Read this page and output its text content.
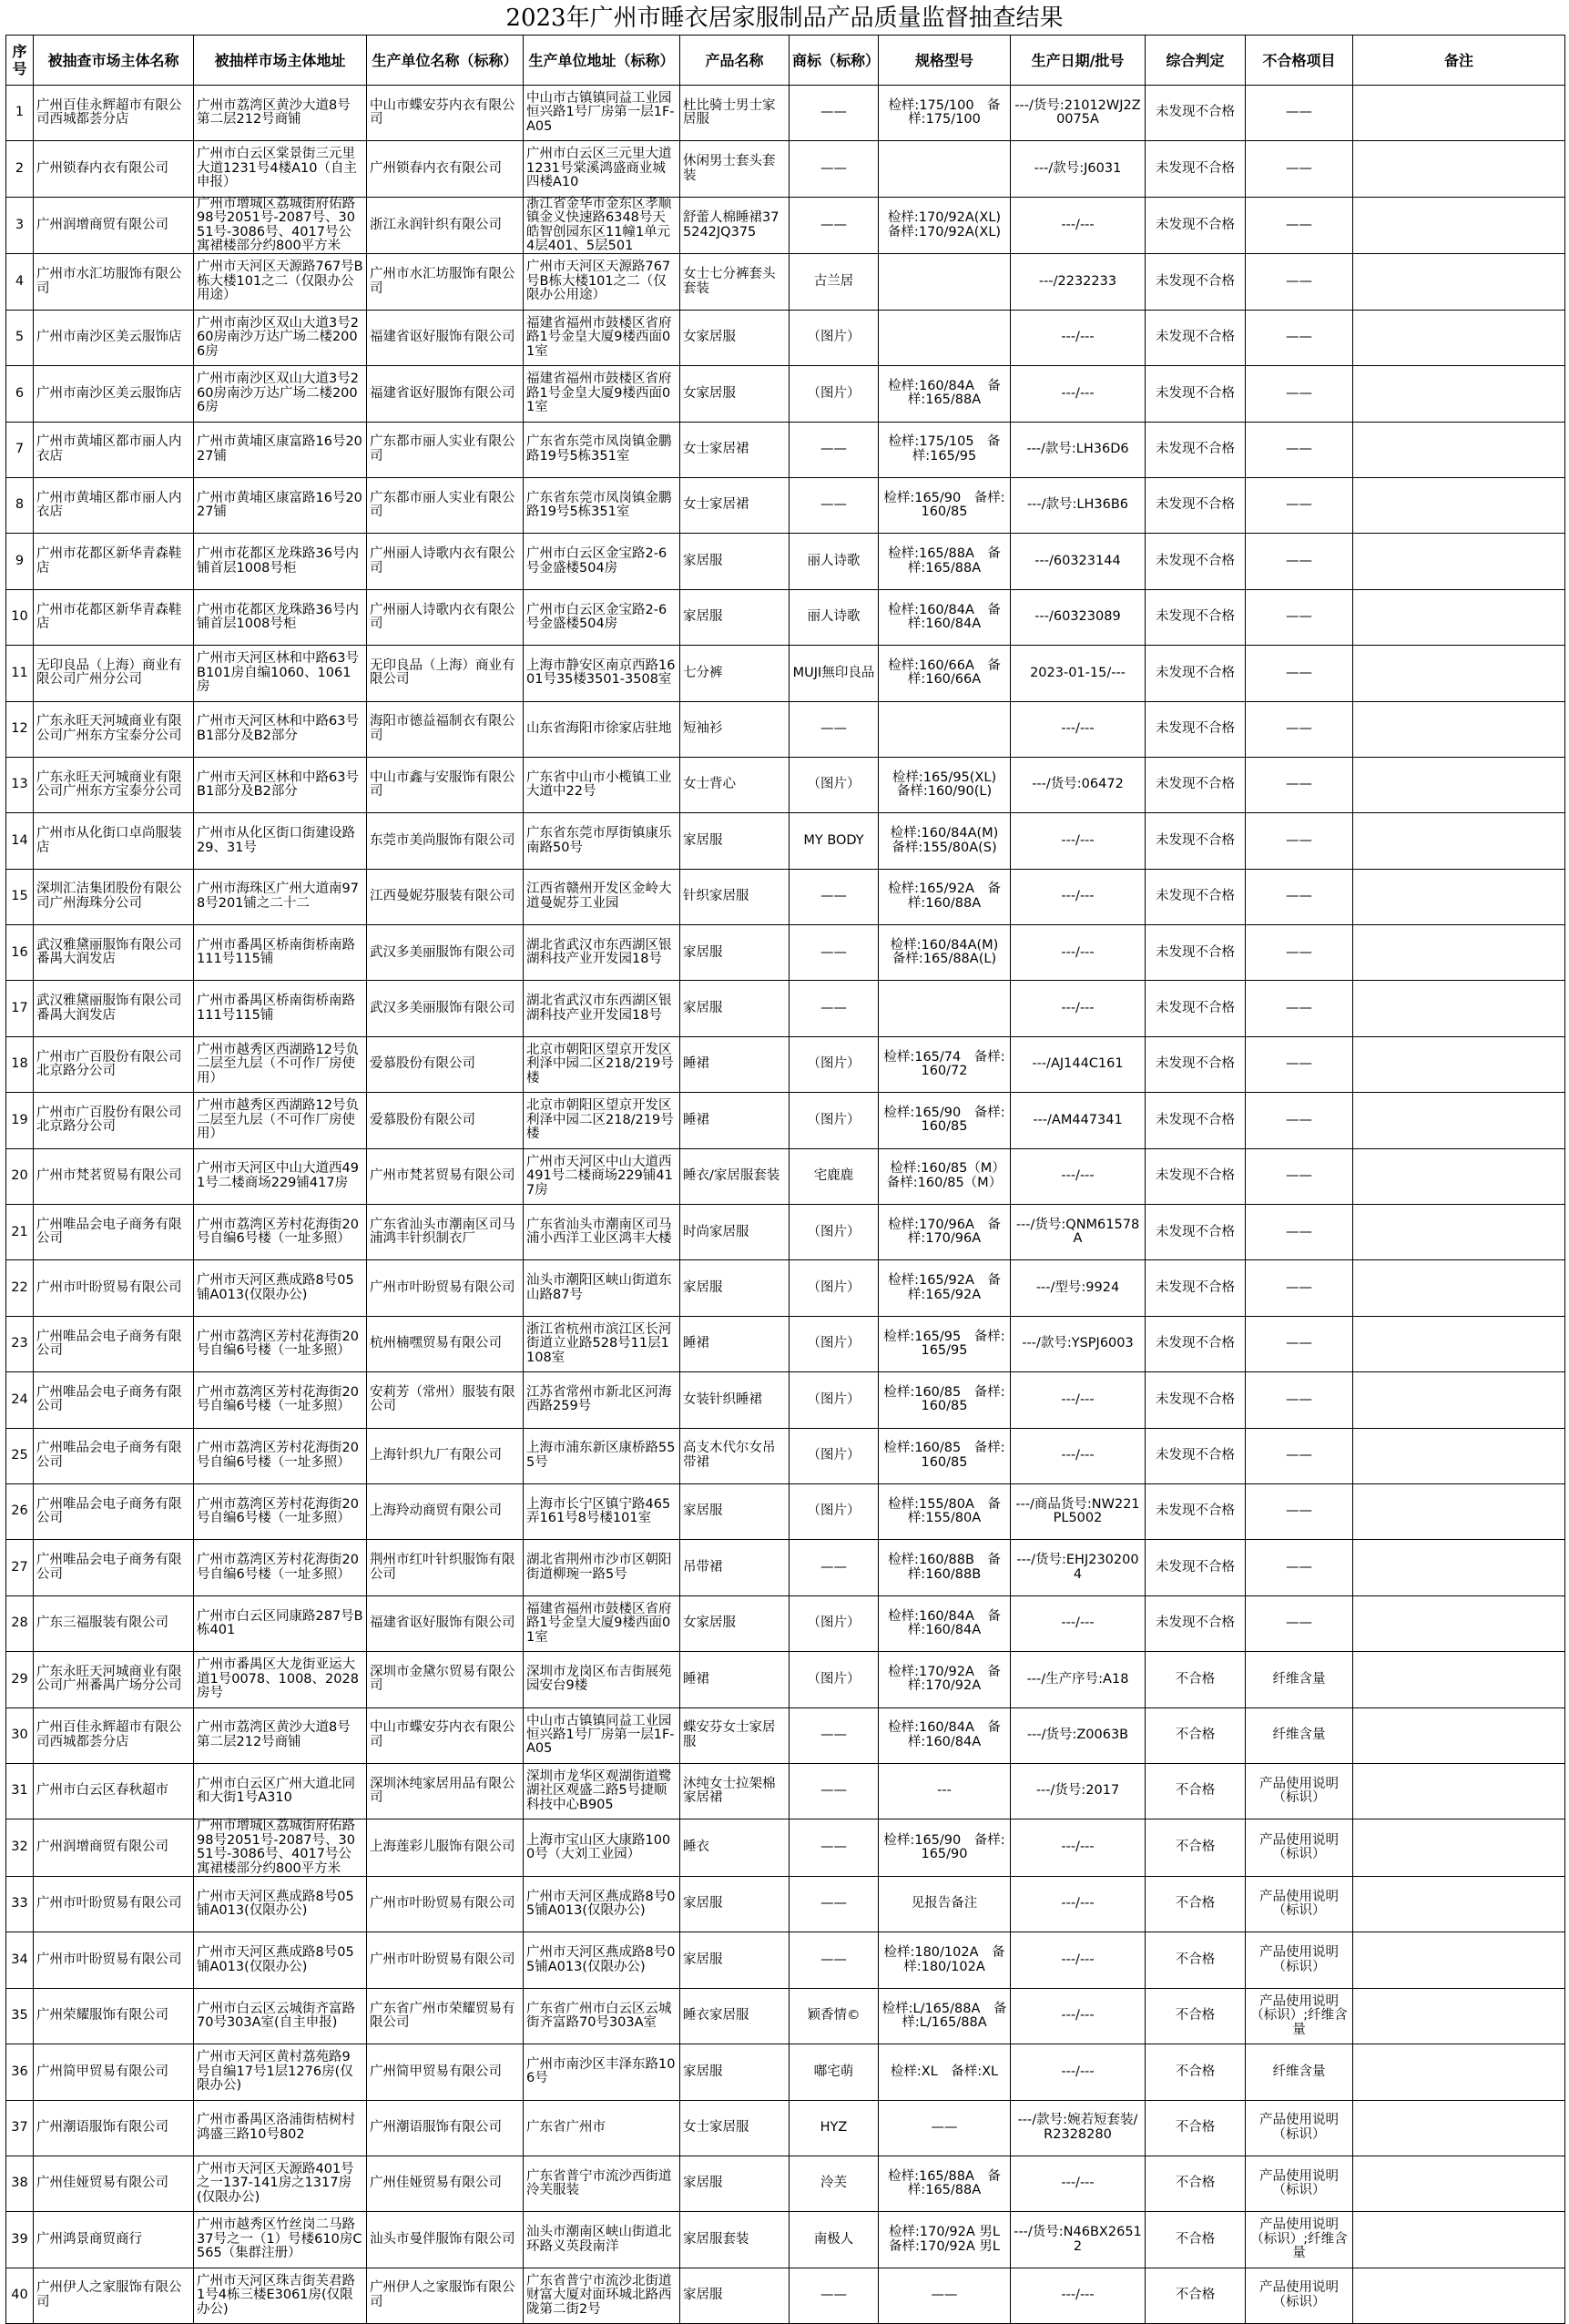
2023年广州市睡衣居家服制品产品质量监督抽查结果
序号	被抽查市场主体名称	被抽样市场主体地址	生产单位名称（标称）	生产单位地址（标称）	产品名称	商标（标称）	规格型号	生产日期/批号	综合判定	不合格项目	备注
1	广州百佳永辉超市有限公司西城都荟分店	广州市荔湾区黄沙大道8号第二层212号商铺	中山市蝶安芬内衣有限公司	中山市古镇镇同益工业园恒兴路1号厂房第一层1F-A05	杜比骑士男士家居服	——	检样:175/100　备样:175/100	---/货号:21012WJ2Z0075A	未发现不合格	——	
2	广州锁春内衣有限公司	广州市白云区棠景街三元里大道1231号4楼A10（自主申报）	广州锁春内衣有限公司	广州市白云区三元里大道1231号棠溪鸿盛商业城四楼A10	休闲男士套头套装	——		---/款号:J6031	未发现不合格	——	
3	广州润增商贸有限公司	广州市增城区荔城街府佑路98号2051号-2087号、3051号-3086号、4017号公寓裙楼部分约800平方米	浙江永润针织有限公司	浙江省金华市金东区孝顺镇金义快速路6348号天皓智创园东区11幢1单元4层401、5层501	舒蕾人棉睡裙375242JQ375	——	检样:170/92A(XL)　备样:170/92A(XL)	---/---	未发现不合格	——	
4	广州市水汇坊服饰有限公司	广州市天河区天源路767号B栋大楼101之二（仅限办公用途）	广州市水汇坊服饰有限公司	广州市天河区天源路767号B栋大楼101之二（仅限办公用途）	女士七分裤套头套装	古兰居		---/2232233	未发现不合格	——	
5	广州市南沙区美云服饰店	广州市南沙区双山大道3号260房南沙万达广场二楼2006房	福建省讴好服饰有限公司	福建省福州市鼓楼区省府路1号金皇大厦9楼西面01室	女家居服	（图片）		---/---	未发现不合格	——	
6	广州市南沙区美云服饰店	广州市南沙区双山大道3号260房南沙万达广场二楼2006房	福建省讴好服饰有限公司	福建省福州市鼓楼区省府路1号金皇大厦9楼西面01室	女家居服	（图片）	检样:160/84A　备样:165/88A	---/---	未发现不合格	——	
7	广州市黄埔区都市丽人内衣店	广州市黄埔区康富路16号2027铺	广东都市丽人实业有限公司	广东省东莞市凤岗镇金鹏路19号5栋351室	女士家居裙	——	检样:175/105　备样:165/95	---/款号:LH36D6	未发现不合格	——	
8	广州市黄埔区都市丽人内衣店	广州市黄埔区康富路16号2027铺	广东都市丽人实业有限公司	广东省东莞市凤岗镇金鹏路19号5栋351室	女士家居裙	——	检样:165/90　备样:160/85	---/款号:LH36B6	未发现不合格	——	
9	广州市花都区新华青森鞋店	广州市花都区龙珠路36号内铺首层1008号柜	广州丽人诗歌内衣有限公司	广州市白云区金宝路2-6号金盛楼504房	家居服	丽人诗歌	检样:165/88A　备样:165/88A	---/60323144	未发现不合格	——	
10	广州市花都区新华青森鞋店	广州市花都区龙珠路36号内铺首层1008号柜	广州丽人诗歌内衣有限公司	广州市白云区金宝路2-6号金盛楼504房	家居服	丽人诗歌	检样:160/84A　备样:160/84A	---/60323089	未发现不合格	——	
11	无印良品（上海）商业有限公司广州分公司	广州市天河区林和中路63号B101房自编1060、1061房	无印良品（上海）商业有限公司	上海市静安区南京西路1601号35楼3501-3508室	七分裤	MUJI無印良品	检样:160/66A　备样:160/66A	2023-01-15/---	未发现不合格	——	
12	广东永旺天河城商业有限公司广州东方宝泰分公司	广州市天河区林和中路63号B1部分及B2部分	海阳市德益福制衣有限公司	山东省海阳市徐家店驻地	短袖衫	——		---/---	未发现不合格	——	
13	广东永旺天河城商业有限公司广州东方宝泰分公司	广州市天河区林和中路63号B1部分及B2部分	中山市鑫与安服饰有限公司	广东省中山市小榄镇工业大道中22号	女士背心	（图片）	检样:165/95(XL)　备样:160/90(L)	---/货号:06472	未发现不合格	——	
14	广州市从化街口卓尚服装店	广州市从化区街口街建设路29、31号	东莞市美尚服饰有限公司	广东省东莞市厚街镇康乐南路50号	家居服	MY BODY	检样:160/84A(M)　备样:155/80A(S)	---/---	未发现不合格	——	
15	深圳汇洁集团股份有限公司广州海珠分公司	广州市海珠区广州大道南978号201铺之二十二	江西曼妮芬服装有限公司	江西省赣州开发区金岭大道曼妮芬工业园	针织家居服	——	检样:165/92A　备样:160/88A	---/---	未发现不合格	——	
16	武汉雅黛丽服饰有限公司番禺大润发店	广州市番禺区桥南街桥南路111号115铺	武汉多美丽服饰有限公司	湖北省武汉市东西湖区银湖科技产业开发园18号	家居服	——	检样:160/84A(M)　备样:165/88A(L)	---/---	未发现不合格	——	
17	武汉雅黛丽服饰有限公司番禺大润发店	广州市番禺区桥南街桥南路111号115铺	武汉多美丽服饰有限公司	湖北省武汉市东西湖区银湖科技产业开发园18号	家居服	——		---/---	未发现不合格	——	
18	广州市广百股份有限公司北京路分公司	广州市越秀区西湖路12号负二层至九层（不可作厂房使用）	爱慕股份有限公司	北京市朝阳区望京开发区利泽中园二区218/219号楼	睡裙	（图片）	检样:165/74　备样:160/72	---/AJ144C161	未发现不合格	——	
19	广州市广百股份有限公司北京路分公司	广州市越秀区西湖路12号负二层至九层（不可作厂房使用）	爱慕股份有限公司	北京市朝阳区望京开发区利泽中园二区218/219号楼	睡裙	（图片）	检样:165/90　备样:160/85	---/AM447341	未发现不合格	——	
20	广州市梵茗贸易有限公司	广州市天河区中山大道西491号二楼商场229铺417房	广州市梵茗贸易有限公司	广州市天河区中山大道西491号二楼商场229铺417房	睡衣/家居服套装	宅鹿鹿	检样:160/85（M）　备样:160/85（M）	---/---	未发现不合格	——	
21	广州唯品会电子商务有限公司	广州市荔湾区芳村花海街20号自编6号楼（一址多照）	广东省汕头市潮南区司马浦鸿丰针织制衣厂	广东省汕头市潮南区司马浦小西洋工业区鸿丰大楼	时尚家居服	（图片）	检样:170/96A　备样:170/96A	---/货号:QNM61578A	未发现不合格	——	
22	广州市叶盼贸易有限公司	广州市天河区燕成路8号05铺A013(仅限办公)	广州市叶盼贸易有限公司	汕头市潮阳区峡山街道东山路87号	家居服	（图片）	检样:165/92A　备样:165/92A	---/型号:9924	未发现不合格	——	
23	广州唯品会电子商务有限公司	广州市荔湾区芳村花海街20号自编6号楼（一址多照）	杭州楠嘿贸易有限公司	浙江省杭州市滨江区长河街道立业路528号11层1108室	睡裙	（图片）	检样:165/95　备样:165/95	---/款号:YSPJ6003	未发现不合格	——	
24	广州唯品会电子商务有限公司	广州市荔湾区芳村花海街20号自编6号楼（一址多照）	安莉芳（常州）服装有限公司	江苏省常州市新北区河海西路259号	女装针织睡裙	（图片）	检样:160/85　备样:160/85	---/---	未发现不合格	——	
25	广州唯品会电子商务有限公司	广州市荔湾区芳村花海街20号自编6号楼（一址多照）	上海针织九厂有限公司	上海市浦东新区康桥路555号	高支木代尔女吊带裙	（图片）	检样:160/85　备样:160/85	---/---	未发现不合格	——	
26	广州唯品会电子商务有限公司	广州市荔湾区芳村花海街20号自编6号楼（一址多照）	上海羚动商贸有限公司	上海市长宁区镇宁路465弄161号8号楼101室	家居服	（图片）	检样:155/80A　备样:155/80A	---/商品货号:NW221PL5002	未发现不合格	——	
27	广州唯品会电子商务有限公司	广州市荔湾区芳村花海街20号自编6号楼（一址多照）	荆州市红叶针织服饰有限公司	湖北省荆州市沙市区朝阳街道柳琬一路5号	吊带裙	——	检样:160/88B　备样:160/88B	---/货号:EHJ2302004	未发现不合格	——	
28	广东三福服装有限公司	广州市白云区同康路287号B栋401	福建省讴好服饰有限公司	福建省福州市鼓楼区省府路1号金皇大厦9楼西面01室	女家居服	（图片）	检样:160/84A　备样:160/84A	---/---	未发现不合格	——	
29	广东永旺天河城商业有限公司广州番禺广场分公司	广州市番禺区大龙街亚运大道1号0078、1008、2028房号	深圳市金黛尔贸易有限公司	深圳市龙岗区布吉街展苑园安台9楼	睡裙	（图片）	检样:170/92A　备样:170/92A	---/生产序号:A18	不合格	纤维含量	
30	广州百佳永辉超市有限公司西城都荟分店	广州市荔湾区黄沙大道8号第二层212号商铺	中山市蝶安芬内衣有限公司	中山市古镇镇同益工业园恒兴路1号厂房第一层1F-A05	蝶安芬女士家居服	——	检样:160/84A　备样:160/84A	---/货号:Z0063B	不合格	纤维含量	
31	广州市白云区春秋超市	广州市白云区广州大道北同和大街1号A310	深圳沐纯家居用品有限公司	深圳市龙华区观湖街道鹭湖社区观盛二路5号捷顺科技中心B905	沐纯女士拉架棉家居裙	——	---	---/货号:2017	不合格	产品使用说明（标识）	
32	广州润增商贸有限公司	广州市增城区荔城街府佑路98号2051号-2087号、3051号-3086号、4017号公寓裙楼部分约800平方米	上海莲彩儿服饰有限公司	上海市宝山区大康路1000号（大刘工业园）	睡衣	——	检样:165/90　备样:165/90	---/---	不合格	产品使用说明（标识）	
33	广州市叶盼贸易有限公司	广州市天河区燕成路8号05铺A013(仅限办公)	广州市叶盼贸易有限公司	广州市天河区燕成路8号05铺A013(仅限办公)	家居服	——	见报告备注	---/---	不合格	产品使用说明（标识）	
34	广州市叶盼贸易有限公司	广州市天河区燕成路8号05铺A013(仅限办公)	广州市叶盼贸易有限公司	广州市天河区燕成路8号05铺A013(仅限办公)	家居服	——	检样:180/102A　备样:180/102A	---/---	不合格	产品使用说明（标识）	
35	广州荣耀服饰有限公司	广州市白云区云城街齐富路70号303A室(自主申报)	广东省广州市荣耀贸易有限公司	广东省广州市白云区云城街齐富路70号303A室	睡衣家居服	颖香情©	检样:L/165/88A　备样:L/165/88A	---/---	不合格	产品使用说明（标识）;纤维含量	
36	广州简甲贸易有限公司	广州市天河区黄村荔苑路9号自编17号1层1276房(仅限办公)	广州简甲贸易有限公司	广州市南沙区丰泽东路106号	家居服	嘟宅萌	检样:XL　备样:XL	---/---	不合格	纤维含量	
37	广州潮语服饰有限公司	广州市番禺区洛浦街桔树村鸿盛三路10号802	广州潮语服饰有限公司	广东省广州市	女士家居服	HYZ	——	---/款号:婉若短套装/R2328280	不合格	产品使用说明（标识）	
38	广州佳娅贸易有限公司	广州市天河区天源路401号之一137-141房之1317房(仅限办公)	广州佳娅贸易有限公司	广东省普宁市流沙西街道泠芙服装	家居服	泠芙	检样:165/88A　备样:165/88A	---/---	不合格	产品使用说明（标识）	
39	广州鸿景商贸商行	广州市越秀区竹丝岗二马路37号之一（1）号楼610房C565（集群注册）	汕头市曼伴服饰有限公司	汕头市潮南区峡山街道北环路义英段南洋	家居服套装	南极人	检样:170/92A 男L　备样:170/92A 男L	---/货号:N46BX26512	不合格	产品使用说明（标识）;纤维含量	
40	广州伊人之家服饰有限公司	广州市天河区珠吉街芙君路1号4栋三楼E3061房(仅限办公)	广州伊人之家服饰有限公司	广东省普宁市流沙北街道财富大厦对面环城北路西陇第二街2号	家居服	——	——	---/---	不合格	产品使用说明（标识）	
